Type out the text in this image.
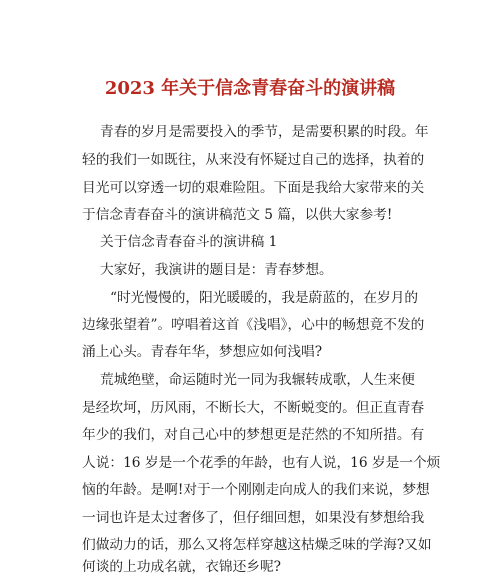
2023 年关于信念青春奋斗的演讲稿
青春的岁月是需要投入的季节，是需要积累的时段。年
轻的我们一如既往，从来没有怀疑过自己的选择，执着的
目光可以穿透一切的艰难险阻。下面是我给大家带来的关
于信念青春奋斗的演讲稿范文 5 篇，以供大家参考!
关于信念青春奋斗的演讲稿 1
大家好，我演讲的题目是：青春梦想。
“时光慢慢的，阳光暖暖的，我是蔚蓝的，在岁月的
边缘张望着”。哼唱着这首《浅唱》，心中的畅想竟不发的
涌上心头。青春年华，梦想应如何浅唱?
荒城绝壁，命运随时光一同为我辗转成歌，人生来便
是经坎坷，历风雨，不断长大，不断蜕变的。但正直青春
年少的我们，对自己心中的梦想更是茫然的不知所措。有
人说：16 岁是一个花季的年龄，也有人说，16 岁是一个烦
恼的年龄。是啊!对于一个刚刚走向成人的我们来说，梦想
一词也许是太过奢侈了，但仔细回想，如果没有梦想给我
们做动力的话，那么又将怎样穿越这枯燥乏味的学海?又如
何谈的上功成名就，衣锦还乡呢?
